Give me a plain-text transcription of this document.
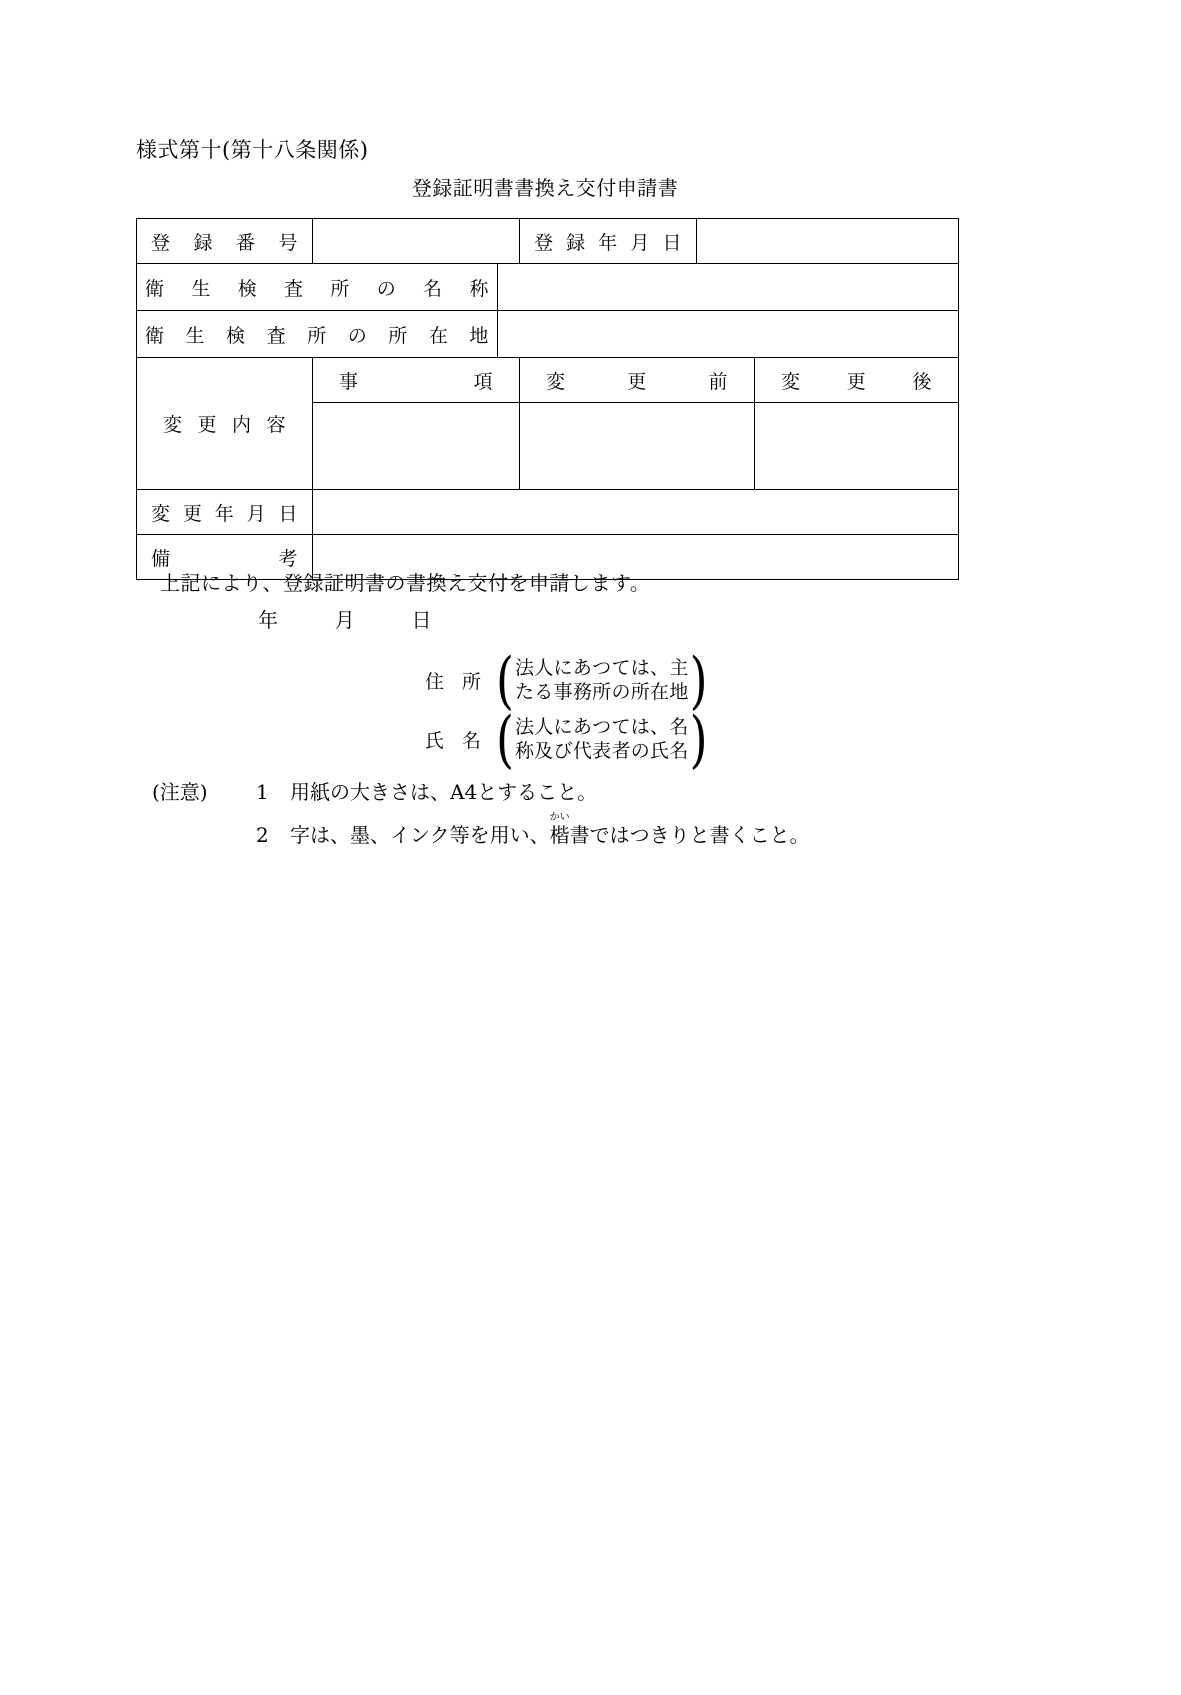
様式第十(第十八条関係)
登録証明書書換え交付申請書
登 録 番 号			登 録 年 月 日		

衛 生 検 査 所 の 名 称

衛 生 検 査 所 の 所 在 地

変 更 内 容	事 項		変 更 前		変 更 後

変 更 年 月 日					

備 考					

上記により、登録証明書の書換え交付を申請します。
年	月	日
住 所 ( 法人にあつては、主
たる事務所の所在地 )
氏 名 ( 法人にあつては、名
称及び代表者の氏名 )
(注意)	1	用紙の大きさは、A4とすること。
2	字は、墨、インク等を用い、
かい
楷 書ではつきりと書くこと。
